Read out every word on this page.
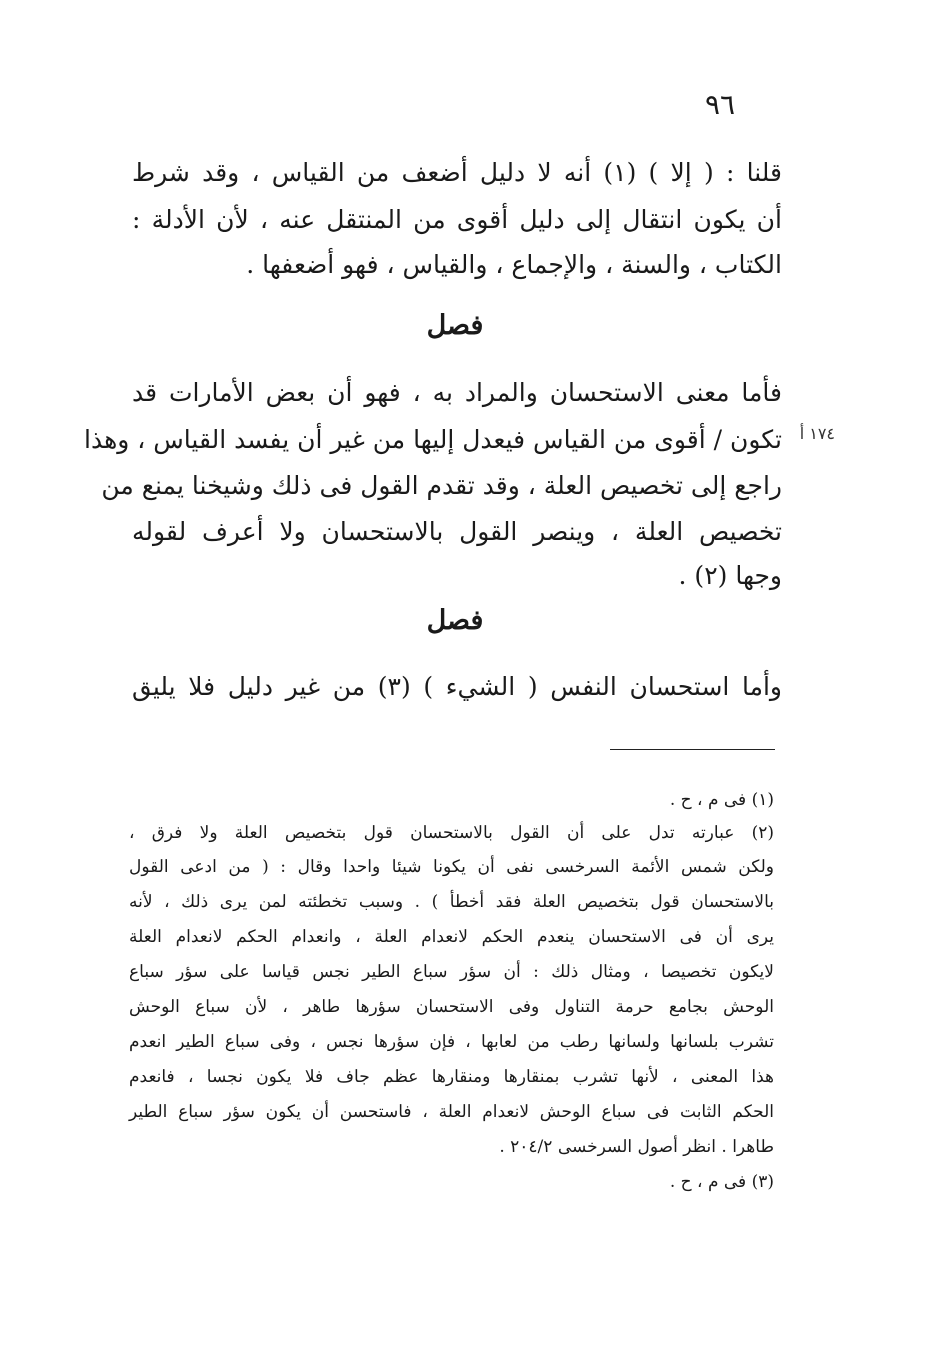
٩٦
قلنا : ( إلا ) (١) أنه لا دليل أضعف من القياس ، وقد شرط
أن يكون انتقال إلى دليل أقوى من المنتقل عنه ، لأن الأدلة :
الكتاب ، والسنة ، والإجماع ، والقياس ، فهو أضعفها .
فصل
فأما معنى الاستحسان والمراد به ، فهو أن بعض الأمارات قد
تكون / أقوى من القياس فيعدل إليها من غير أن يفسد القياس ، وهذا
راجع إلى تخصيص العلة ، وقد تقدم القول فى ذلك وشيخنا يمنع من
تخصيص العلة ، وينصر القول بالاستحسان ولا أعرف لقوله
وجها (٢) .
١٧٤ أ
فصل
وأما استحسان النفس ( الشيء ) (٣) من غير دليل فلا يليق
(١) فى م ، ح .
(٢) عبارته تدل على أن القول بالاستحسان قول بتخصيص العلة ولا فرق ،
ولكن شمس الأئمة السرخسى نفى أن يكونا شيئا واحدا وقال : ( من ادعى القول
بالاستحسان قول بتخصيص العلة فقد أخطأ ) . وسبب تخطئته لمن يرى ذلك ، لأنه
يرى أن فى الاستحسان ينعدم الحكم لانعدام العلة ، وانعدام الحكم لانعدام العلة
لايكون تخصيصا ، ومثال ذلك : أن سؤر سباع الطير نجس قياسا على سؤر سباع
الوحش بجامع حرمة التناول وفى الاستحسان سؤرها طاهر ، لأن سباع الوحش
تشرب بلسانها ولسانها رطب من لعابها ، فإن سؤرها نجس ، وفى سباع الطير انعدم
هذا المعنى ، لأنها تشرب بمنقارها ومنقارها عظم جاف فلا يكون نجسا ، فانعدم
الحكم الثابت فى سباع الوحش لانعدام العلة ، فاستحسن أن يكون سؤر سباع الطير
طاهرا . انظر أصول السرخسى ٢٠٤/٢ .
(٣) فى م ، ح .
